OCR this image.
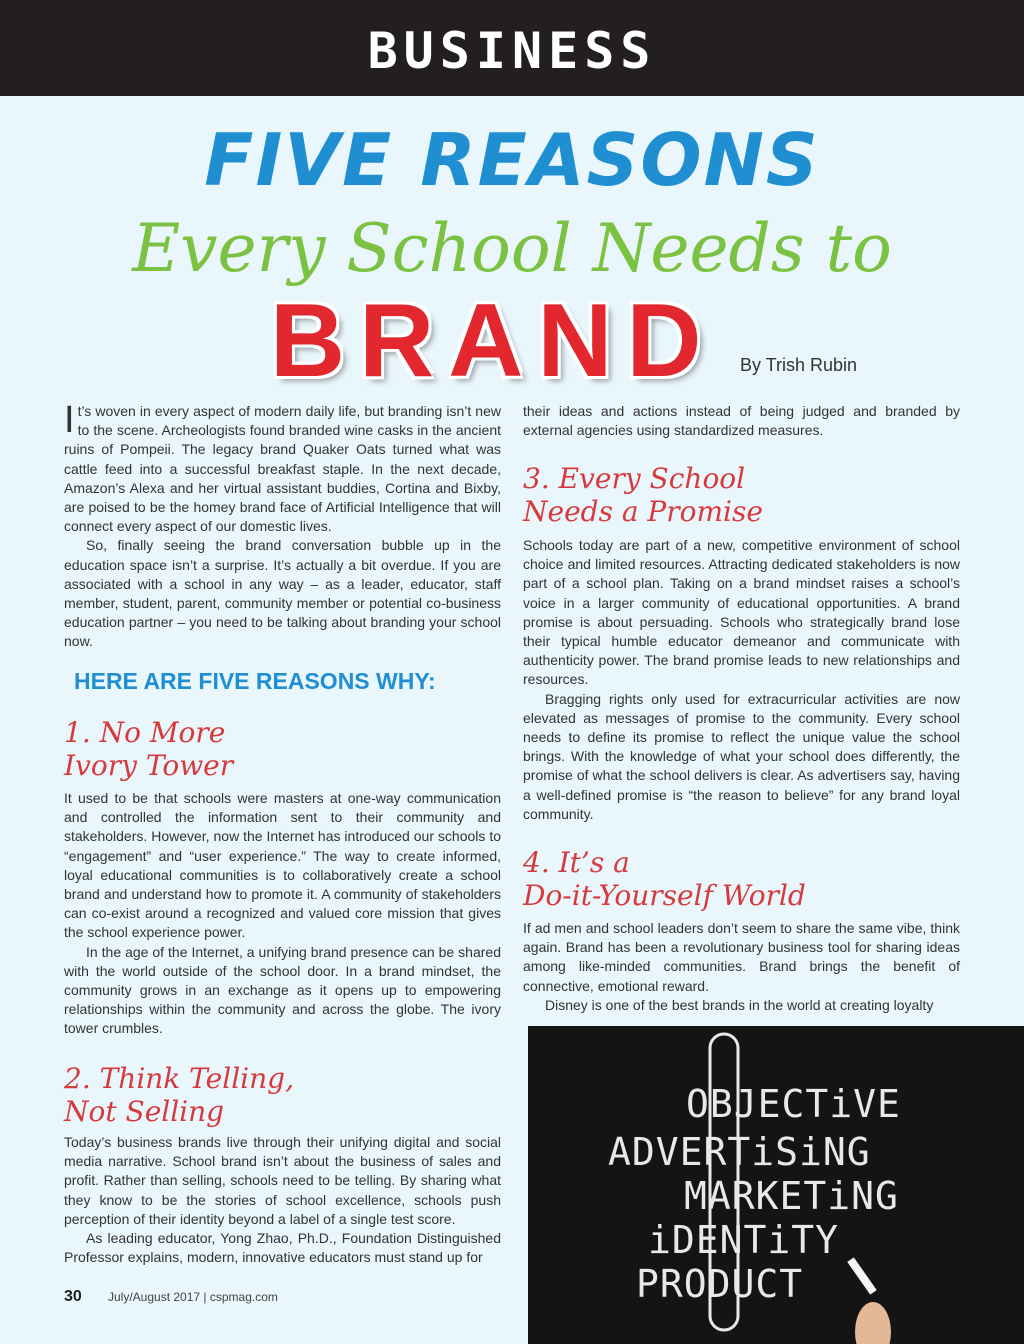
BUSINESS
FIVE REASONS
Every School Needs to
BRAND By Trish Rubin

It’s woven in every aspect of modern daily life, but branding isn’t new to the scene. Archeologists found branded wine casks in the ancient ruins of Pompeii. The legacy brand Quaker Oats turned what was cattle feed into a successful breakfast staple. In the next decade, Amazon’s Alexa and her virtual assistant buddies, Cortina and Bixby, are poised to be the homey brand face of Artificial Intelligence that will connect every aspect of our domestic lives.

So, finally seeing the brand conversation bubble up in the education space isn’t a surprise. It’s actually a bit overdue. If you are associated with a school in any way – as a leader, educator, staff member, student, parent, community member or potential co-business education partner – you need to be talking about branding your school now.

HERE ARE FIVE REASONS WHY:
1. No More
Ivory Tower

It used to be that schools were masters at one-way communication and controlled the information sent to their community and stakeholders. However, now the Internet has introduced our schools to “engagement” and “user experience.” The way to create informed, loyal educational communities is to collaboratively create a school brand and understand how to promote it. A community of stakeholders can co-exist around a recognized and valued core mission that gives the school experience power.

In the age of the Internet, a unifying brand presence can be shared with the world outside of the school door. In a brand mindset, the community grows in an exchange as it opens up to empowering relationships within the community and across the globe. The ivory tower crumbles.

2. Think Telling,
Not Selling

Today’s business brands live through their unifying digital and social media narrative. School brand isn’t about the business of sales and profit. Rather than selling, schools need to be telling. By sharing what they know to be the stories of school excellence, schools push perception of their identity beyond a label of a single test score.

As leading educator, Yong Zhao, Ph.D., Foundation Distinguished Professor explains, modern, innovative educators must stand up for

their ideas and actions instead of being judged and branded by external agencies using standardized measures.

3. Every School
Needs a Promise

Schools today are part of a new, competitive environment of school choice and limited resources. Attracting dedicated stakeholders is now part of a school plan. Taking on a brand mindset raises a school’s voice in a larger community of educational opportunities. A brand promise is about persuading. Schools who strategically brand lose their typical humble educator demeanor and communicate with authenticity power. The brand promise leads to new relationships and resources.

Bragging rights only used for extracurricular activities are now elevated as messages of promise to the community. Every school needs to define its promise to reflect the unique value the school brings. With the knowledge of what your school does differently, the promise of what the school delivers is clear. As advertisers say, having a well-defined promise is “the reason to believe” for any brand loyal community.

4. It’s a
Do-it-Yourself World

If ad men and school leaders don’t seem to share the same vibe, think again. Brand has been a revolutionary business tool for sharing ideas among like-minded communities. Brand brings the benefit of connective, emotional reward.

Disney is one of the best brands in the world at creating loyalty

OBJECTiVE
ADVERTiSiNG
MARKETiNG
iDENTiTY
PRODUCT
30 July/August 2017 | cspmag.com
